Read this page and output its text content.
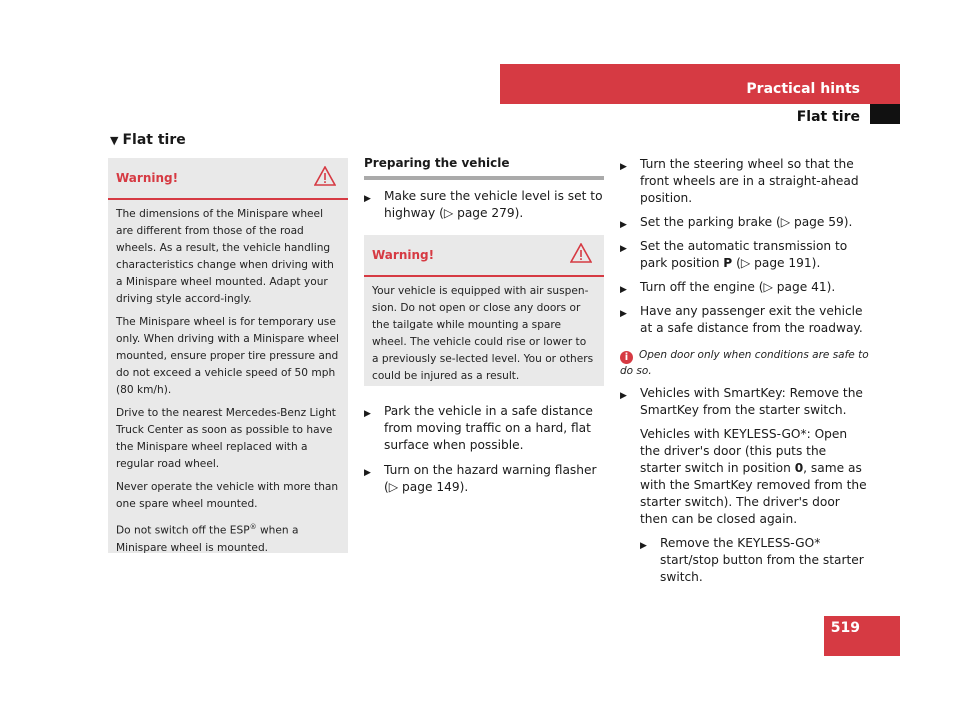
Practical hints
Flat tire
▼ Flat tire
Warning!

The dimensions of the Minispare wheel are different from those of the road wheels. As a result, the vehicle handling characteristics change when driving with a Minispare wheel mounted. Adapt your driving style accord-ingly.

The Minispare wheel is for temporary use only. When driving with a Minispare wheel mounted, ensure proper tire pressure and do not exceed a vehicle speed of 50 mph (80 km/h).

Drive to the nearest Mercedes-Benz Light Truck Center as soon as possible to have the Minispare wheel replaced with a regular road wheel.

Never operate the vehicle with more than one spare wheel mounted.

Do not switch off the ESP® when a Minispare wheel is mounted.

Preparing the vehicle
▶ Make sure the vehicle level is set to highway (▷ page 279).
Warning!

Your vehicle is equipped with air suspen-sion. Do not open or close any doors or the tailgate while mounting a spare wheel. The vehicle could rise or lower to a previously se-lected level. You or others could be injured as a result.

▶ Park the vehicle in a safe distance from moving traffic on a hard, flat surface when possible.
▶ Turn on the hazard warning flasher (▷ page 149).
▶ Turn the steering wheel so that the front wheels are in a straight-ahead position.
▶ Set the parking brake (▷ page 59).
▶ Set the automatic transmission to park position P (▷ page 191).
▶ Turn off the engine (▷ page 41).
▶ Have any passenger exit the vehicle at a safe distance from the roadway.
i Open door only when conditions are safe to do so.
▶ Vehicles with SmartKey: Remove the SmartKey from the starter switch.
Vehicles with KEYLESS-GO*: Open the driver's door (this puts the starter switch in position 0, same as with the SmartKey removed from the starter switch). The driver's door then can be closed again.
▶ Remove the KEYLESS-GO* start/stop button from the starter switch.
519
